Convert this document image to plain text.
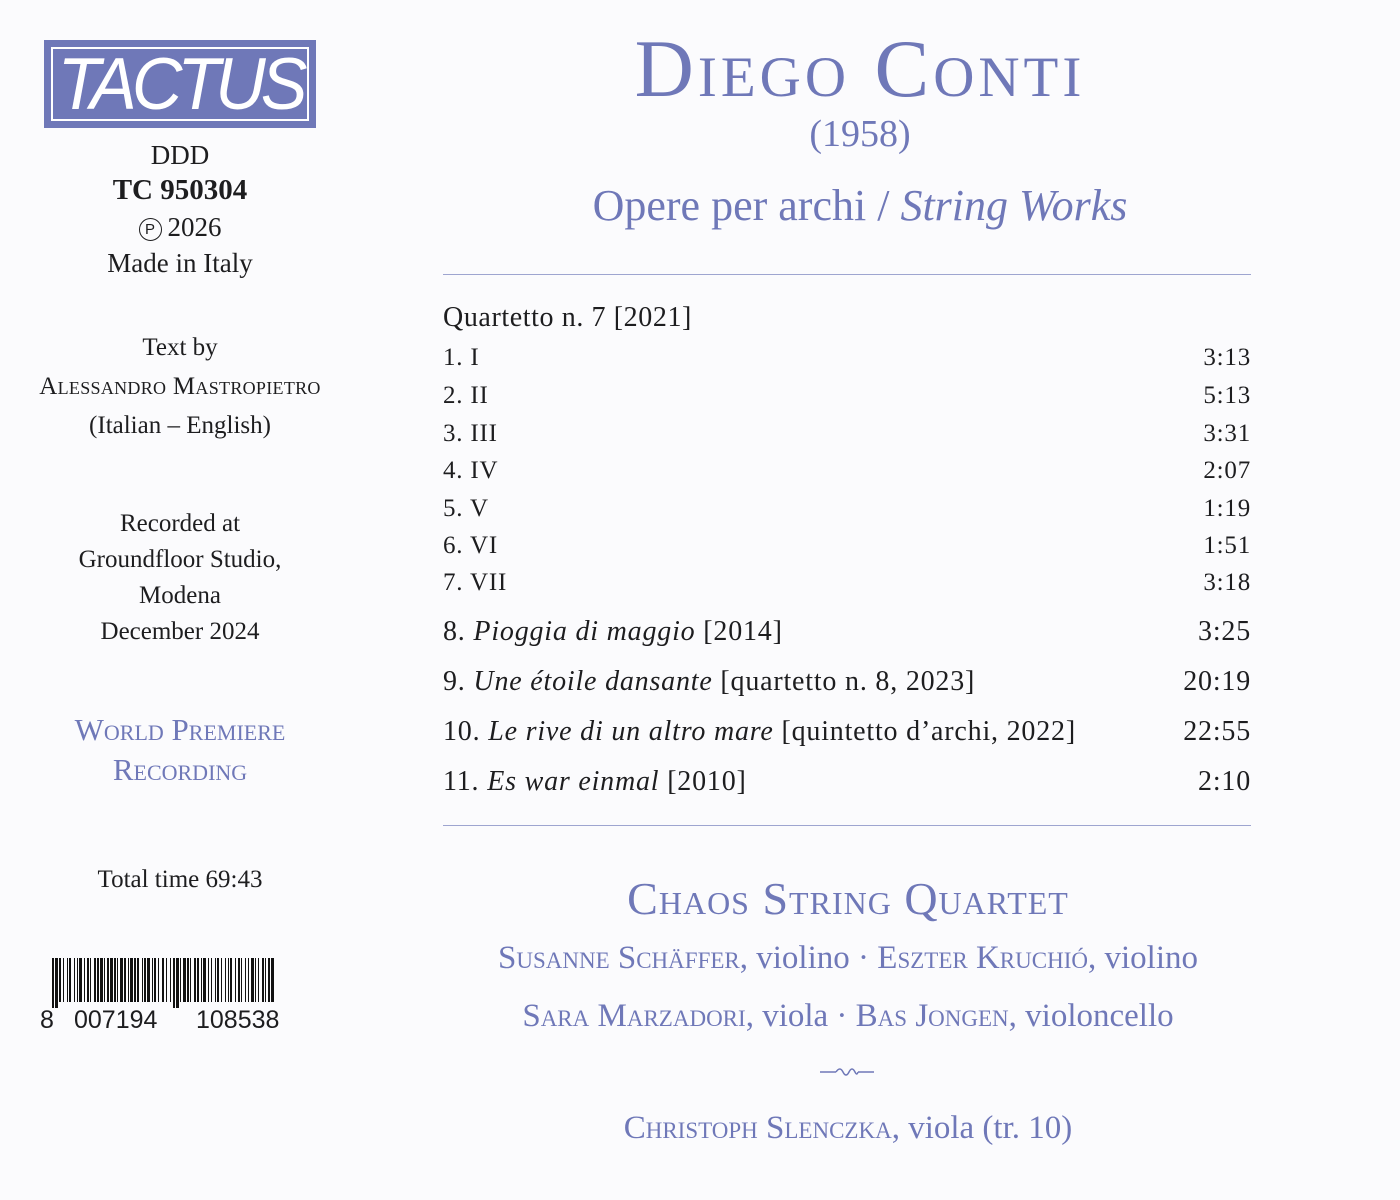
TACTUS
DDD
TC 950304
P 2026
Made in Italy
Text by
Alessandro Mastropietro
(Italian – English)
Recorded at
Groundfloor Studio,
Modena
December 2024
World Premiere
Recording
Total time 69:43
8 007194 108538
Diego Conti
(1958)
Opere per archi / String Works
Quartetto n. 7 [2021]
1. I	3:13
2. II	5:13
3. III	3:31
4. IV	2:07
5. V	1:19
6. VI	1:51
7. VII	3:18
8. Pioggia di maggio [2014]	3:25
9. Une étoile dansante [quartetto n. 8, 2023]	20:19
10. Le rive di un altro mare [quintetto d’archi, 2022]	22:55
11. Es war einmal [2010]	2:10
Chaos String Quartet
Susanne Schäffer, violino · Eszter Kruchió, violino
Sara Marzadori, viola · Bas Jongen, violoncello
Christoph Slenczka, viola (tr. 10)
